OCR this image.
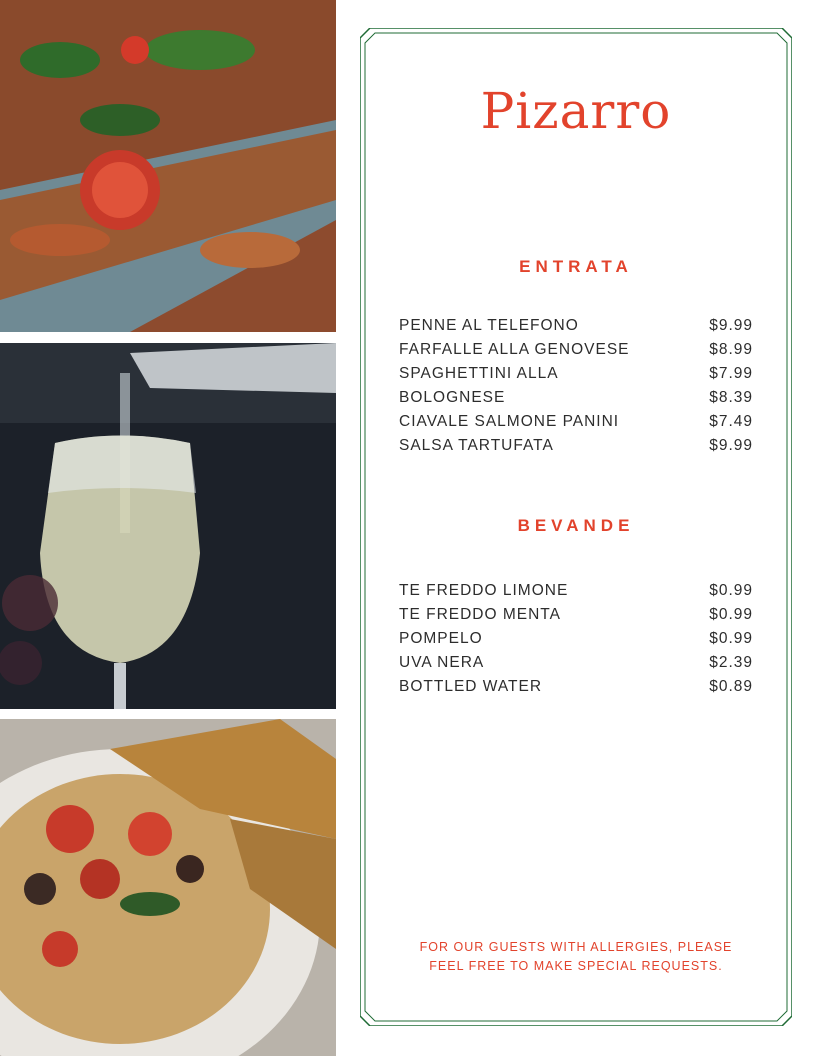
Pizarro
ENTRATA
PENNE AL TELEFONO	$9.99
FARFALLE ALLA GENOVESE	$8.99
SPAGHETTINI ALLA	$7.99
BOLOGNESE	$8.39
CIAVALE SALMONE PANINI	$7.49
SALSA TARTUFATA	$9.99
BEVANDE
TE FREDDO LIMONE	$0.99
TE FREDDO MENTA	$0.99
POMPELO	$0.99
UVA NERA	$2.39
BOTTLED WATER	$0.89
FOR OUR GUESTS WITH ALLERGIES, PLEASE
FEEL FREE TO MAKE SPECIAL REQUESTS.
